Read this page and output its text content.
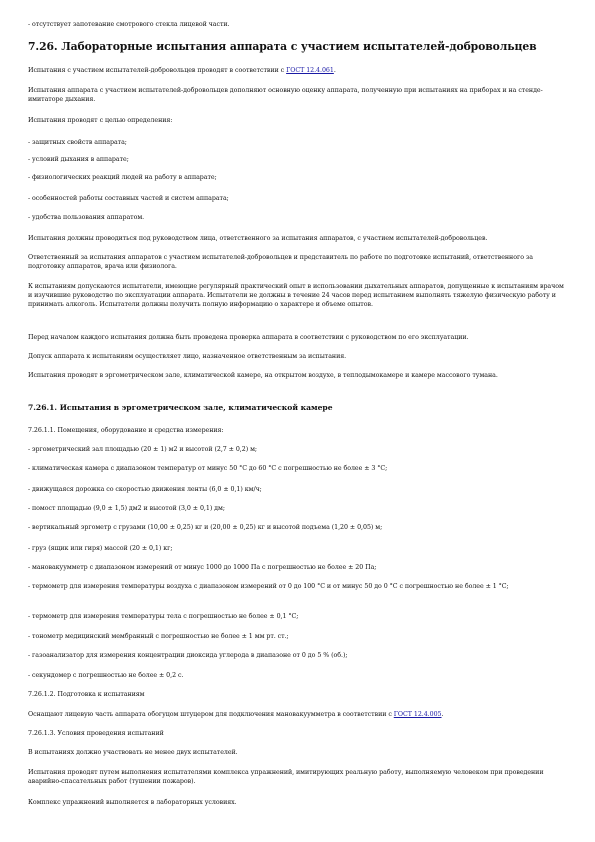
- отсутствует запотевание смотрового стекла лицевой части.

7.26. Лабораторные испытания аппарата с участием испытателей-добровольцев

Испытания с участием испытателей-добровольцев проводят в соответствии с ГОСТ 12.4.061.

Испытания аппарата с участием испытателей-добровольцев дополняют основную оценку аппарата, полученную при испытаниях на приборах и на стенде-имитаторе дыхания.

Испытания проводят с целью определения:

- защитных свойств аппарата;

- условий дыхания в аппарате;

- физиологических реакций людей на работу в аппарате;

- особенностей работы составных частей и систем аппарата;

- удобства пользования аппаратом.

Испытания должны проводиться под руководством лица, ответственного за испытания аппаратов, с участием испытателей-добровольцев.

Ответственный за испытания аппаратов с участием испытателей-добровольцев и представитель по работе по подготовке испытаний, ответственного за подготовку аппаратов, врача или физиолога.

К испытаниям допускаются испытатели, имеющие регулярный практический опыт в использовании дыхательных аппаратов, допущенные к испытаниям врачом и изучившие руководство по эксплуатации аппарата. Испытатели не должны в течение 24 часов перед испытанием выполнять тяжелую физическую работу и принимать алкоголь. Испытатели должны получить полную информацию о характере и объеме опытов.

Перед началом каждого испытания должна быть проведена проверка аппарата в соответствии с руководством по его эксплуатации.

Допуск аппарата к испытаниям осуществляет лицо, назначенное ответственным за испытания.

Испытания проводят в эргометрическом зале, климатической камере, на открытом воздухе, в теплодымокамере и камере массового тумана.

7.26.1. Испытания в эргометрическом зале, климатической камере

7.26.1.1. Помещения, оборудование и средства измерения:

- эргометрический зал площадью (20 ± 1) м2 и высотой (2,7 ± 0,2) м;

- климатическая камера с диапазоном температур от минус 50 °С до 60 °С с погрешностью не более ± 3 °С;

- движущаяся дорожка со скоростью движения ленты (6,0 ± 0,1) км/ч;

- помост площадью (9,0 ± 1,5) дм2 и высотой (3,0 ± 0,1) дм;

- вертикальный эргометр с грузами (10,00 ± 0,25) кг и (20,00 ± 0,25) кг и высотой подъема (1,20 ± 0,05) м;

- груз (ящик или гиря) массой (20 ± 0,1) кг;

- мановакуумметр с диапазоном измерений от минус 1000 до 1000 Па с погрешностью не более ± 20 Па;

- термометр для измерения температуры воздуха с диапазоном измерений от 0 до 100 °С и от минус 50 до 0 °С с погрешностью не более ± 1 °С;

- термометр для измерения температуры тела с погрешностью не более ± 0,1 °С;

- тонометр медицинский мембранный с погрешностью не более ± 1 мм рт. ст.;

- газоанализатор для измерения концентрации диоксида углерода в диапазоне от 0 до 5 % (об.);

- секундомер с погрешностью не более ± 0,2 с.

7.26.1.2. Подготовка к испытаниям

Оснащают лицевую часть аппарата обогуцом штуцером для подключения мановакуумметра в соответствии с ГОСТ 12.4.005.

7.26.1.3. Условия проведения испытаний

В испытаниях должно участвовать не менее двух испытателей.

Испытания проводят путем выполнения испытателями комплекса упражнений, имитирующих реальную работу, выполняемую человеком при проведении аварийно-спасательных работ (тушении пожаров).

Комплекс упражнений выполняется в лабораторных условиях.
